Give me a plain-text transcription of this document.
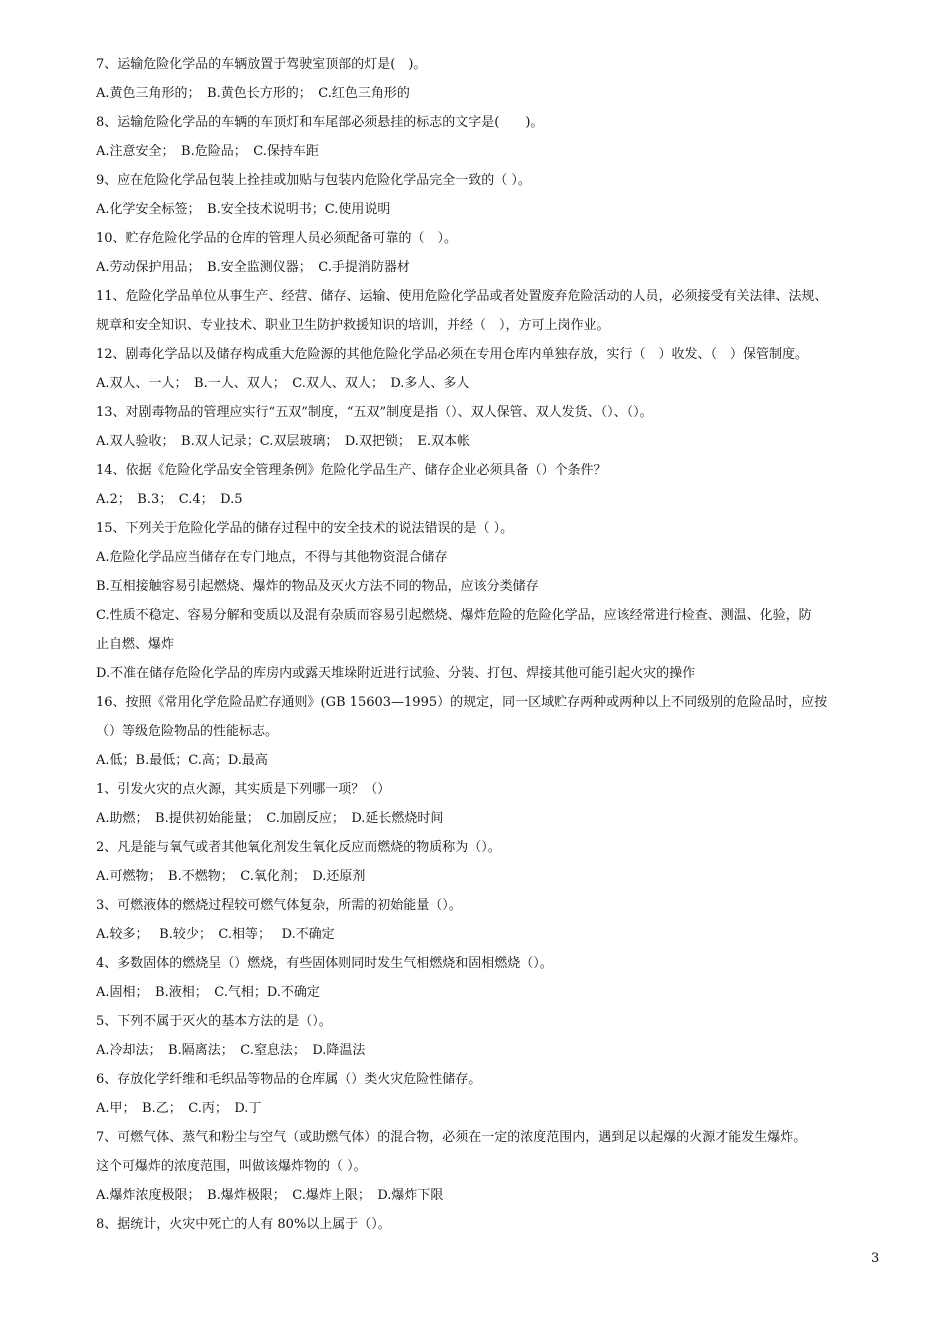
7、运输危险化学品的车辆放置于驾驶室顶部的灯是(　)。
A.黄色三角形的；　B.黄色长方形的；　C.红色三角形的
8、运输危险化学品的车辆的车顶灯和车尾部必须悬挂的标志的文字是(　　)。
A.注意安全；　B.危险品；　C.保持车距
9、应在危险化学品包装上拴挂或加贴与包装内危险化学品完全一致的（ ）。
A.化学安全标签；　B.安全技术说明书；C.使用说明
10、贮存危险化学品的仓库的管理人员必须配备可靠的（　）。
A.劳动保护用品；　B.安全监测仪器；　C.手提消防器材
11、危险化学品单位从事生产、经营、储存、运输、使用危险化学品或者处置废弃危险活动的人员，必须接受有关法律、法规、
规章和安全知识、专业技术、职业卫生防护救援知识的培训，并经（　），方可上岗作业。
12、剧毒化学品以及储存构成重大危险源的其他危险化学品必须在专用仓库内单独存放，实行（　）收发、（　）保管制度。
A.双人、一人；　B.一人、双人；　C.双人、双人；　D.多人、多人
13、对剧毒物品的管理应实行“五双”制度，“五双”制度是指（）、双人保管、双人发货、（）、（）。
A.双人验收；　B.双人记录；C.双层玻璃；　D.双把锁；　E.双本帐
14、依据《危险化学品安全管理条例》危险化学品生产、储存企业必须具备（）个条件？
A.2；　B.3；　C.4；　D.5
15、下列关于危险化学品的储存过程中的安全技术的说法错误的是（ ）。
A.危险化学品应当储存在专门地点，不得与其他物资混合储存
B.互相接触容易引起燃烧、爆炸的物品及灭火方法不同的物品，应该分类储存
C.性质不稳定、容易分解和变质以及混有杂质而容易引起燃烧、爆炸危险的危险化学品，应该经常进行检查、测温、化验，防
止自燃、爆炸
D.不准在储存危险化学品的库房内或露天堆垛附近进行试验、分装、打包、焊接其他可能引起火灾的操作
16、按照《常用化学危险品贮存通则》(GB 15603—1995）的规定，同一区域贮存两种或两种以上不同级别的危险品时，应按
（）等级危险物品的性能标志。
A.低；B.最低；C.高；D.最高
1、引发火灾的点火源，其实质是下列哪一项？（）
A.助燃；　B.提供初始能量；　C.加剧反应；　D.延长燃烧时间
2、凡是能与氧气或者其他氧化剂发生氧化反应而燃烧的物质称为（）。
A.可燃物；　B.不燃物；　C.氧化剂；　D.还原剂
3、可燃液体的燃烧过程较可燃气体复杂，所需的初始能量（）。
A.较多；　 B.较少；　C.相等；　 D.不确定
4、多数固体的燃烧呈（）燃烧，有些固体则同时发生气相燃烧和固相燃烧（）。
A.固相；　B.液相；　C.气相；D.不确定
5、下列不属于灭火的基本方法的是（）。
A.冷却法；　B.隔离法；　C.窒息法；　D.降温法
6、存放化学纤维和毛织品等物品的仓库属（）类火灾危险性储存。
A.甲；　B.乙；　C.丙；　D.丁
7、可燃气体、蒸气和粉尘与空气（或助燃气体）的混合物，必须在一定的浓度范围内，遇到足以起爆的火源才能发生爆炸。
这个可爆炸的浓度范围，叫做该爆炸物的（ ）。
A.爆炸浓度极限；　B.爆炸极限；　C.爆炸上限；　D.爆炸下限
8、据统计，火灾中死亡的人有 80%以上属于（）。
3
